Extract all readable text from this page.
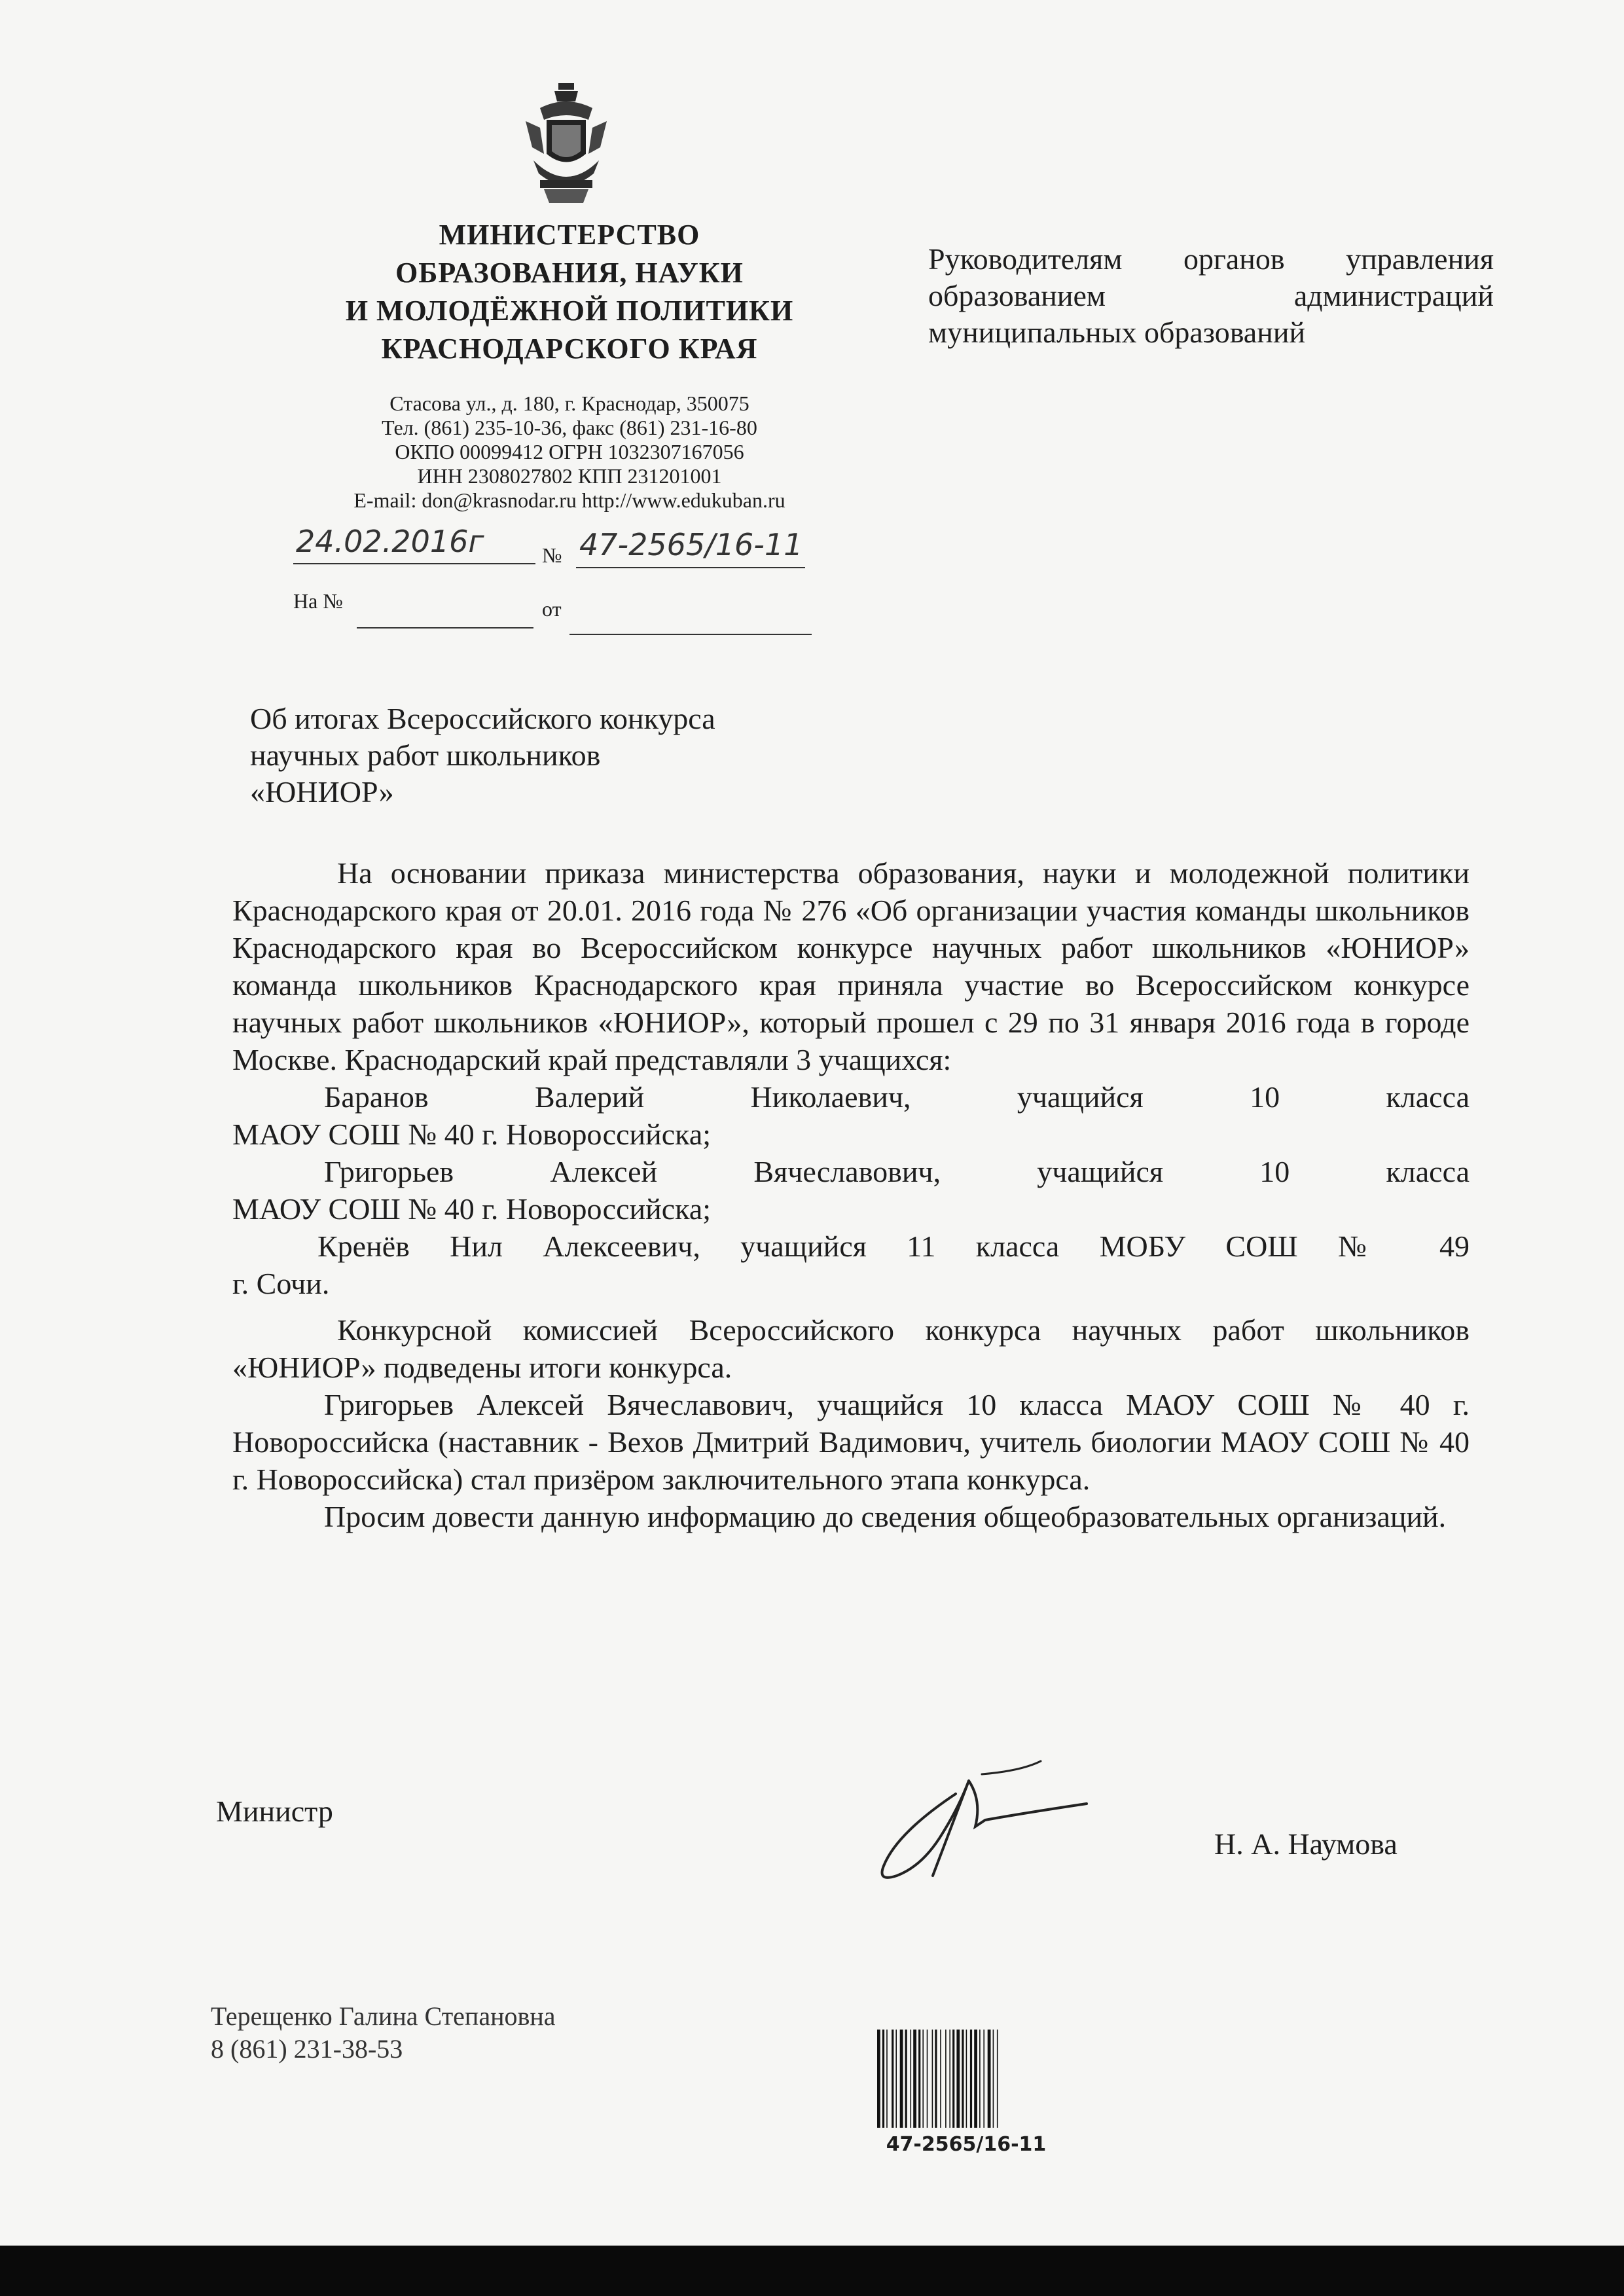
МИНИСТЕРСТВО
ОБРАЗОВАНИЯ, НАУКИ
И МОЛОДЁЖНОЙ ПОЛИТИКИ
КРАСНОДАРСКОГО КРАЯ
Стасова ул., д. 180, г. Краснодар, 350075
Тел. (861) 235-10-36, факс (861) 231-16-80
ОКПО 00099412 ОГРН 1032307167056
ИНН 2308027802 КПП 231201001
E-mail: don@krasnodar.ru http://www.edukuban.ru
24.02.2016г	№ 47-2565/16-11
На №	от
Руководителям органов управления
образованием администраций
муниципальных образований
Об итогах Всероссийского конкурса
научных работ школьников
«ЮНИОР»
На основании приказа министерства образования, науки и молодежной политики Краснодарского края от 20.01. 2016 года № 276 «Об организации участия команды школьников Краснодарского края во Всероссийском конкурсе научных работ школьников «ЮНИОР» команда школьников Краснодарского края приняла участие во Всероссийском конкурсе научных работ школьников «ЮНИОР», который прошел с 29 по 31 января 2016 года в городе Москве. Краснодарский край представляли 3 учащихся:
Баранов Валерий Николаевич, учащийся 10 класса
МАОУ СОШ № 40 г. Новороссийска;
Григорьев Алексей Вячеславович, учащийся 10 класса
МАОУ СОШ № 40 г. Новороссийска;
Кренёв Нил Алексеевич, учащийся 11 класса МОБУ СОШ № 49
г. Сочи.
Конкурсной комиссией Всероссийского конкурса научных работ школьников «ЮНИОР» подведены итоги конкурса.
Григорьев Алексей Вячеславович, учащийся 10 класса МАОУ СОШ № 40 г. Новороссийска (наставник - Вехов Дмитрий Вадимович, учитель биологии МАОУ СОШ № 40 г. Новороссийска) стал призёром заключительного этапа конкурса.
Просим довести данную информацию до сведения общеобразовательных организаций.
Министр
Н. А. Наумова
Терещенко Галина Степановна
8 (861) 231-38-53
47-2565/16-11
